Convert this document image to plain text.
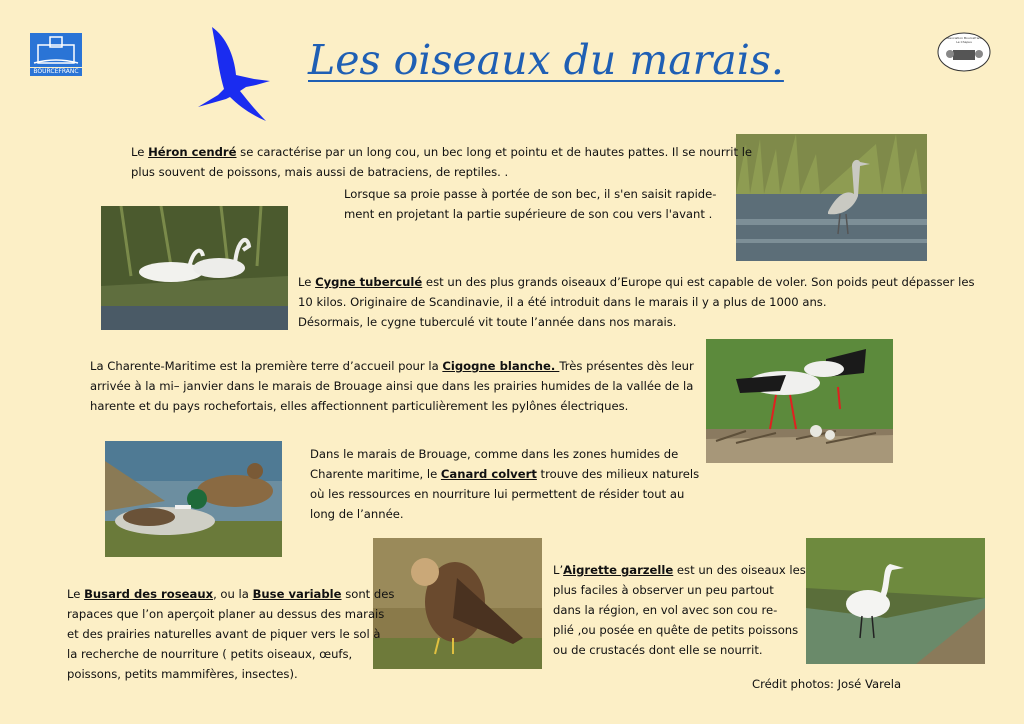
BOURCEFRANC	Les oiseaux du marais.	Association Bourcefranc Le Chapus
Le Héron cendré se caractérise par un long cou, un bec long et pointu et de hautes pattes. Il se nourrit le
plus souvent de poissons, mais aussi de batraciens, de reptiles. .
Lorsque sa proie passe à portée de son bec, il s'en saisit rapide-
ment en projetant la partie supérieure de son cou vers l'avant .
Le Cygne tuberculé est un des plus grands oiseaux d’Europe qui est capable de voler. Son poids peut dépasser les
10 kilos. Originaire de Scandinavie, il a été introduit dans le marais il y a plus de 1000 ans.
Désormais, le cygne tuberculé vit toute l’année dans nos marais.
La Charente-Maritime est la première terre d’accueil pour la Cigogne blanche. Très présentes dès leur
arrivée à la mi– janvier dans le marais de Brouage ainsi que dans les prairies humides de la vallée de la
harente et du pays rochefortais, elles affectionnent particulièrement les pylônes électriques.
Dans le marais de Brouage, comme dans les zones humides de
Charente maritime, le Canard colvert trouve des milieux naturels
où les ressources en nourriture lui permettent de résider tout au
long de l’année.
L’Aigrette garzelle est un des oiseaux les
plus faciles à observer un peu partout
dans la région, en vol avec son cou re-
plié ,ou posée en quête de petits poissons
ou de crustacés dont elle se nourrit.
Le Busard des roseaux, ou la Buse variable sont des
rapaces que l’on aperçoit planer au dessus des marais
et des prairies naturelles avant de piquer vers le sol à
la recherche de nourriture ( petits oiseaux, œufs,
poissons, petits mammifères, insectes).
Crédit photos: José Varela
